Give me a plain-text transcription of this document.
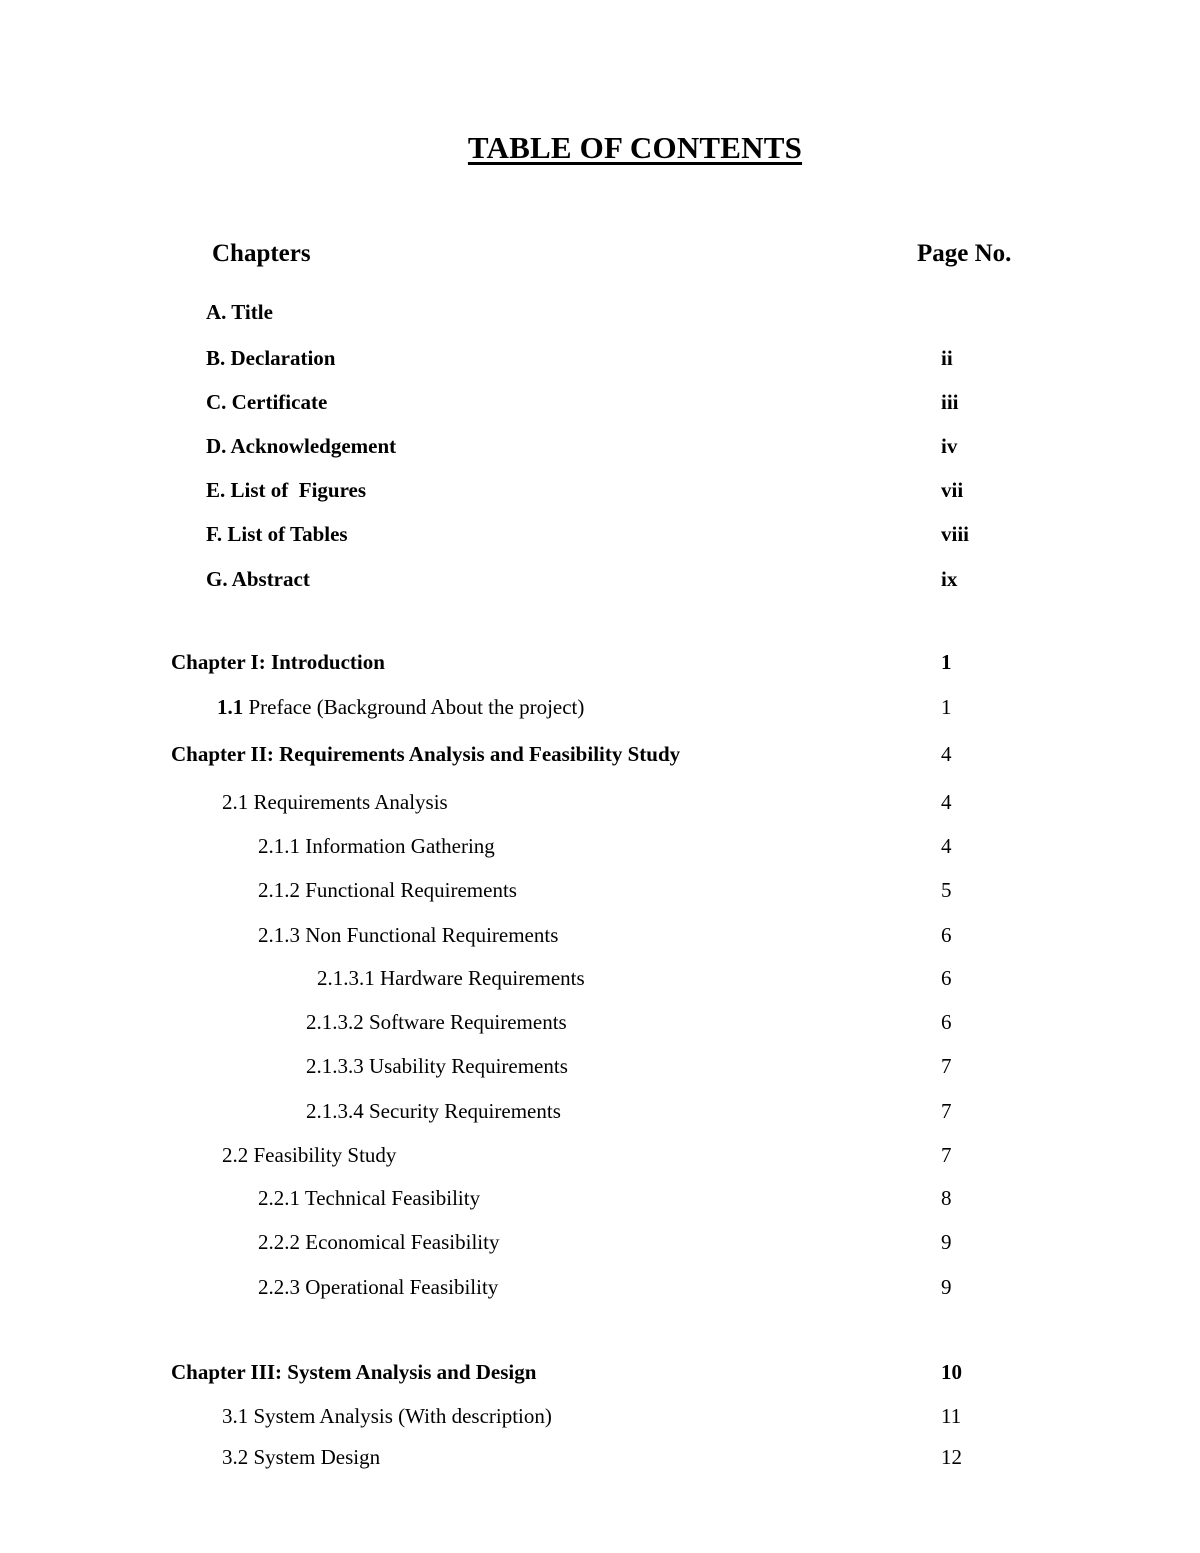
TABLE OF CONTENTS
Chapters	Page No.
A. Title
B. Declaration	ii
C. Certificate	iii
D. Acknowledgement	iv
E. List of  Figures	vii
F. List of Tables	viii
G. Abstract	ix
Chapter I: Introduction	1
1.1 Preface (Background About the project)	1
Chapter II: Requirements Analysis and Feasibility Study	4
2.1 Requirements Analysis	4
2.1.1 Information Gathering	4
2.1.2 Functional Requirements	5
2.1.3 Non Functional Requirements	6
2.1.3.1 Hardware Requirements	6
2.1.3.2 Software Requirements	6
2.1.3.3 Usability Requirements	7
2.1.3.4 Security Requirements	7
2.2 Feasibility Study	7
2.2.1 Technical Feasibility	8
2.2.2 Economical Feasibility	9
2.2.3 Operational Feasibility	9
Chapter III: System Analysis and Design	10
3.1 System Analysis (With description)	11
3.2 System Design	12
